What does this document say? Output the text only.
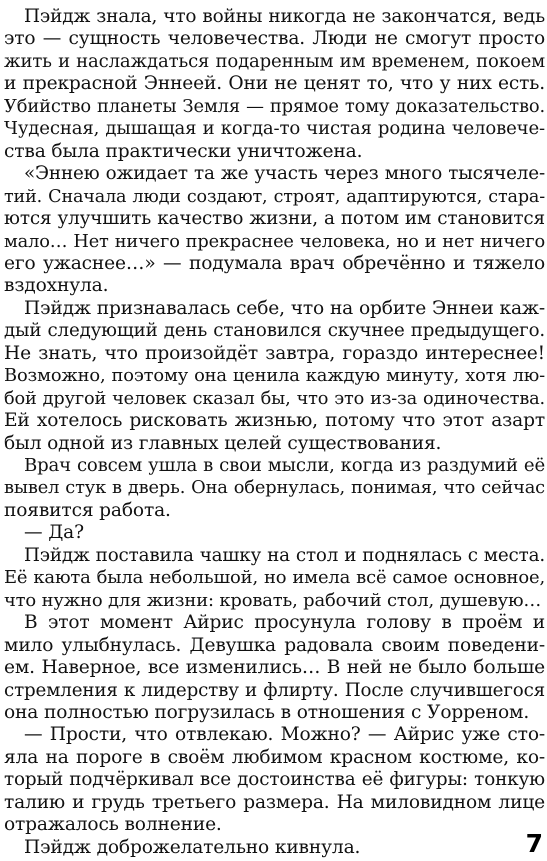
Пэйдж знала, что войны никогда не закончатся, ведь
это — сущность человечества. Люди не смогут просто
жить и наслаждаться подаренным им временем, покоем
и прекрасной Эннеей. Они не ценят то, что у них есть.
Убийство планеты Земля — прямое тому доказательство.
Чудесная, дышащая и когда-то чистая родина человече-
ства была практически уничтожена.
«Эннею ожидает та же участь через много тысячеле-
тий. Сначала люди создают, строят, адаптируются, стара-
ются улучшить качество жизни, а потом им становится
мало… Нет ничего прекраснее человека, но и нет ничего
его ужаснее…» — подумала врач обречённо и тяжело
вздохнула.
Пэйдж признавалась себе, что на орбите Эннеи каж-
дый следующий день становился скучнее предыдущего.
Не знать, что произойдёт завтра, гораздо интереснее!
Возможно, поэтому она ценила каждую минуту, хотя лю-
бой другой человек сказал бы, что это из-за одиночества.
Ей хотелось рисковать жизнью, потому что этот азарт
был одной из главных целей существования.
Врач совсем ушла в свои мысли, когда из раздумий её
вывел стук в дверь. Она обернулась, понимая, что сейчас
появится работа.
— Да?
Пэйдж поставила чашку на стол и поднялась с места.
Её каюта была небольшой, но имела всё самое основное,
что нужно для жизни: кровать, рабочий стол, душевую…
В этот момент Айрис просунула голову в проём и
мило улыбнулась. Девушка радовала своим поведени-
ем. Наверное, все изменились… В ней не было больше
стремления к лидерству и флирту. После случившегося
она полностью погрузилась в отношения с Уорреном.
— Прости, что отвлекаю. Можно? — Айрис уже сто-
яла на пороге в своём любимом красном костюме, ко-
торый подчёркивал все достоинства её фигуры: тонкую
талию и грудь третьего размера. На миловидном лице
отражалось волнение.
Пэйдж доброжелательно кивнула.	7
